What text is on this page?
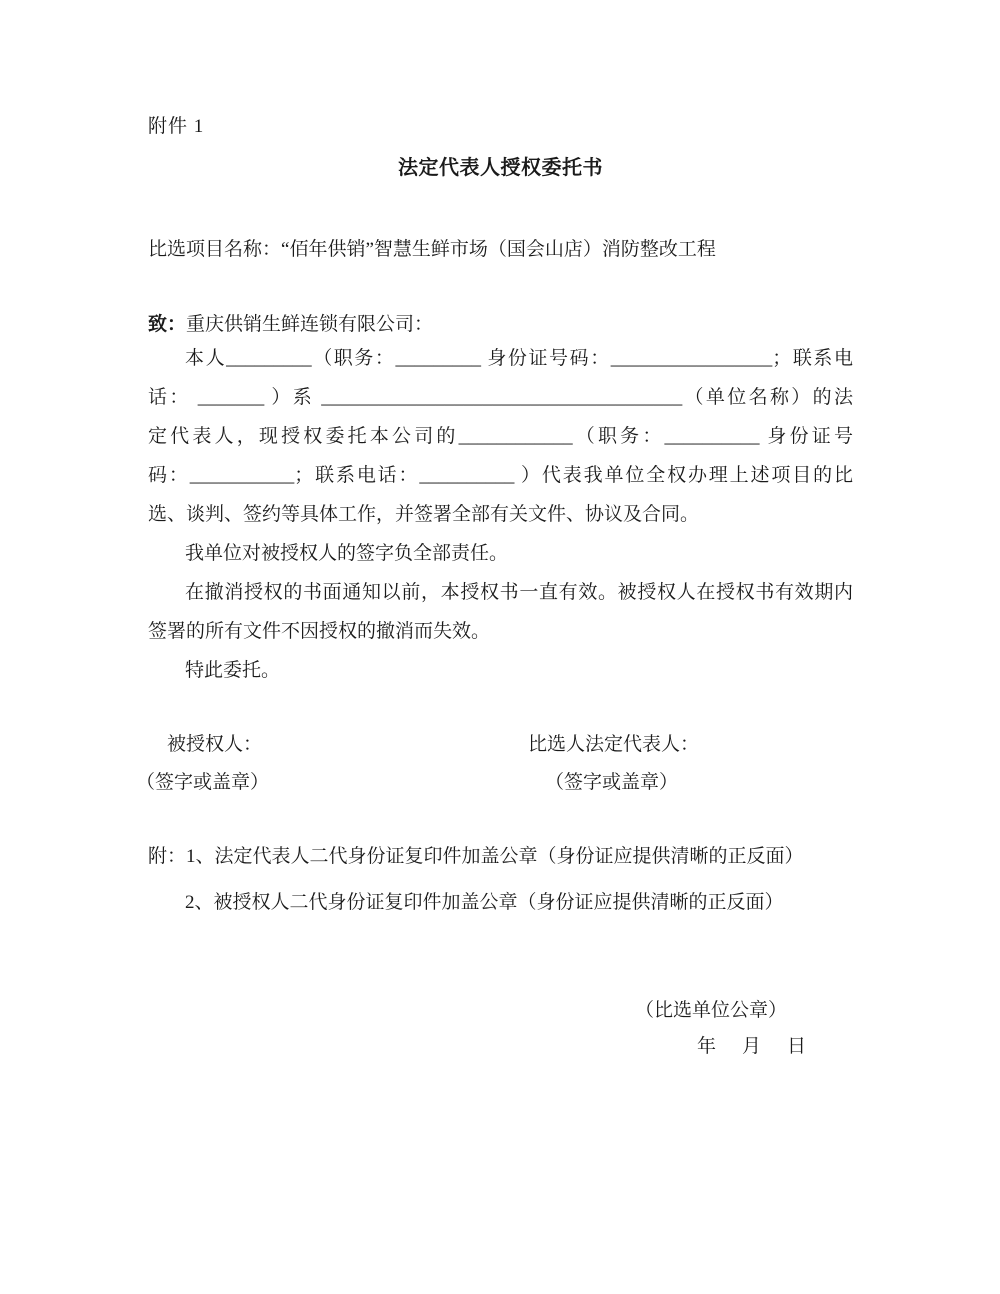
附件 1
法定代表人授权委托书
比选项目名称：“佰年供销”智慧生鲜市场（国会山店）消防整改工程
致：重庆供销生鲜连锁有限公司：
本人_________（职务：_________ 身份证号码：_________________；联系电
话： _______ ）系 ______________________________________（单位名称）的法
定代表人，现授权委托本公司的____________（职务：__________ 身份证号
码：___________；联系电话：__________ ）代表我单位全权办理上述项目的比
选、谈判、签约等具体工作，并签署全部有关文件、协议及合同。
我单位对被授权人的签字负全部责任。
在撤消授权的书面通知以前，本授权书一直有效。被授权人在授权书有效期内
签署的所有文件不因授权的撤消而失效。
特此委托。
被授权人：	比选人法定代表人：
（签字或盖章）	（签字或盖章）
附：1、法定代表人二代身份证复印件加盖公章（身份证应提供清晰的正反面）
2、被授权人二代身份证复印件加盖公章（身份证应提供清晰的正反面）
（比选单位公章）
年 月 日
